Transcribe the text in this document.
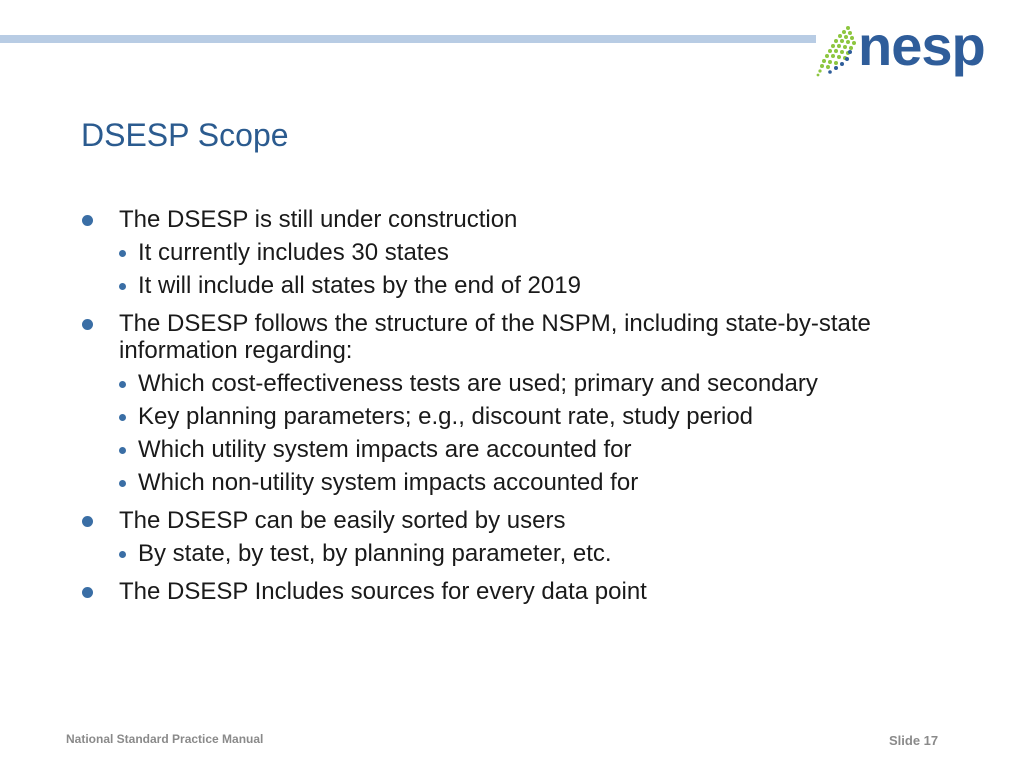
nesp
DSESP Scope
The DSESP is still under construction
It currently includes 30 states
It will include all states by the end of 2019
The DSESP follows the structure of the NSPM, including state-by-state information regarding:
Which cost-effectiveness tests are used; primary and secondary
Key planning parameters; e.g., discount rate, study period
Which utility system impacts are accounted for
Which non-utility system impacts accounted for
The DSESP can be easily sorted by users
By state, by test, by planning parameter, etc.
The DSESP Includes sources for every data point
National Standard Practice Manual	Slide 17
